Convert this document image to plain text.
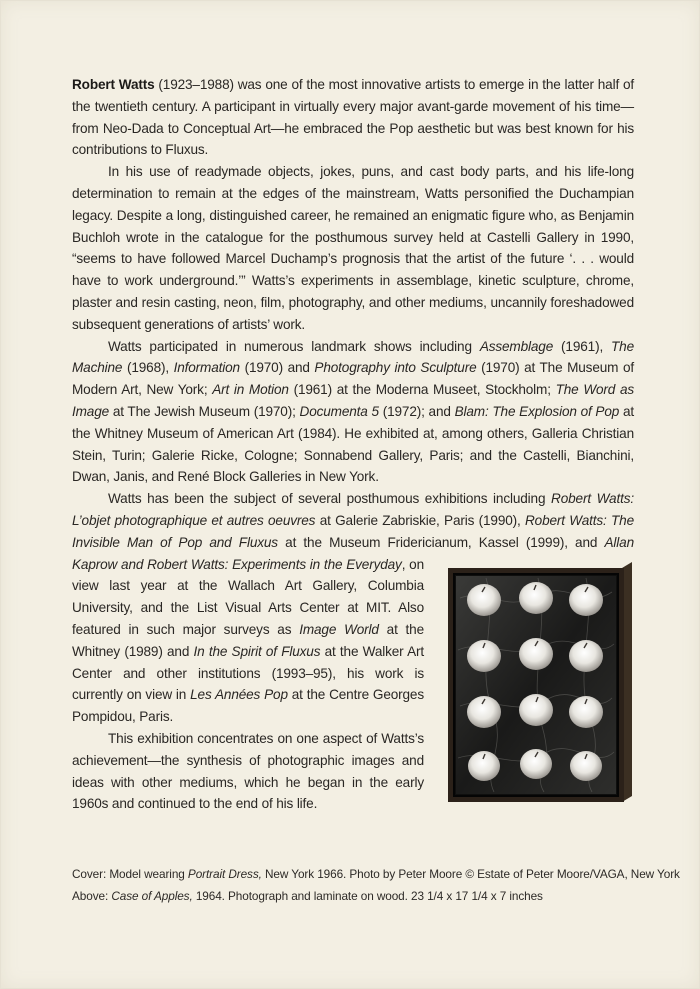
Robert Watts (1923–1988) was one of the most innovative artists to emerge in the latter half of the twentieth century. A participant in virtually every major avant-garde movement of his time—from Neo-Dada to Conceptual Art—he embraced the Pop aesthetic but was best known for his contributions to Fluxus.

In his use of readymade objects, jokes, puns, and cast body parts, and his life-long determination to remain at the edges of the mainstream, Watts personified the Duchampian legacy. Despite a long, distinguished career, he remained an enigmatic figure who, as Benjamin Buchloh wrote in the catalogue for the posthumous survey held at Castelli Gallery in 1990, “seems to have followed Marcel Duchamp’s prognosis that the artist of the future ‘. . . would have to work underground.’” Watts’s experiments in assemblage, kinetic sculpture, chrome, plaster and resin casting, neon, film, photography, and other mediums, uncannily foreshadowed subsequent generations of artists’ work.

Watts participated in numerous landmark shows including Assemblage (1961), The Machine (1968), Information (1970) and Photography into Sculpture (1970) at The Museum of Modern Art, New York; Art in Motion (1961) at the Moderna Museet, Stockholm; The Word as Image at The Jewish Museum (1970); Documenta 5 (1972); and Blam: The Explosion of Pop at the Whitney Museum of American Art (1984). He exhibited at, among others, Galleria Christian Stein, Turin; Galerie Ricke, Cologne; Sonnabend Gallery, Paris; and the Castelli, Bianchini, Dwan, Janis, and René Block Galleries in New York.

Watts has been the subject of several posthumous exhibitions including Robert Watts: L’objet photographique et autres oeuvres at Galerie Zabriskie, Paris (1990), Robert Watts: The Invisible Man of Pop and Fluxus at the Museum Fridericianum, Kassel (1999), and Allan Kaprow and Robert Watts: Experiments in the Everyday
, on view last year at the Wallach Art Gallery, Columbia University, and the List Visual Arts Center at MIT. Also featured in such major surveys as Image World at the Whitney (1989) and In the Spirit of Fluxus at the Walker Art Center and other institutions (1993–95), his work is currently on view in Les Années Pop at the Centre Georges Pompidou, Paris.

This exhibition concentrates on one aspect of Watts’s achievement—the synthesis of photographic images and ideas with other mediums, which he began in the early 1960s and continued to the end of his life.

Cover: Model wearing Portrait Dress, New York 1966. Photo by Peter Moore © Estate of Peter Moore/VAGA, New York
Above: Case of Apples, 1964. Photograph and laminate on wood. 23 1/4 x 17 1/4 x 7 inches
